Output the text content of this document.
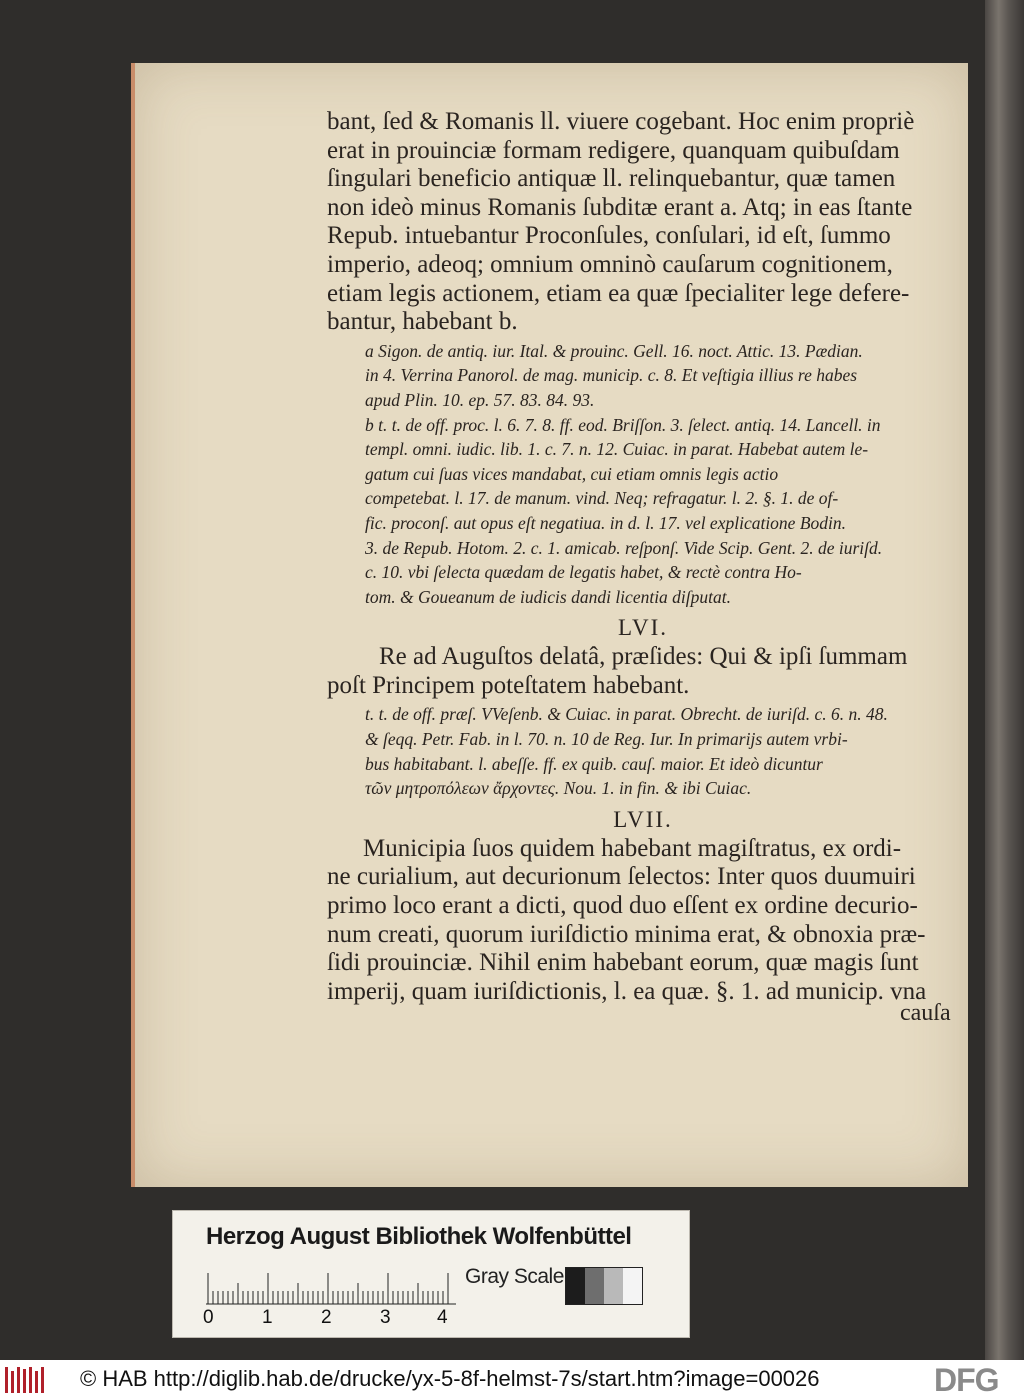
bant, ſed & Romanis ll. viuere cogebant. Hoc enim propriè
erat in prouinciæ formam redigere, quanquam quibuſdam
ſingulari beneficio antiquæ ll. relinquebantur, quæ tamen
non ideò minus Romanis ſubditæ erant a. Atq; in eas ſtante
Repub. intuebantur Proconſules, conſulari, id eſt, ſummo
imperio, adeoq; omnium omninò cauſarum cognitionem,
etiam legis actionem, etiam ea quæ ſpecialiter lege defere-
bantur, habebant b.
a Sigon. de antiq. iur. Ital. & prouinc. Gell. 16. noct. Attic. 13. Pædian.
in 4. Verrina Panorol. de mag. municip. c. 8. Et veſtigia illius re habes
apud Plin. 10. ep. 57. 83. 84. 93.
b t. t. de off. proc. l. 6. 7. 8. ff. eod. Briſſon. 3. ſelect. antiq. 14. Lancell. in
templ. omni. iudic. lib. 1. c. 7. n. 12. Cuiac. in parat. Habebat autem le-
gatum cui ſuas vices mandabat, cui etiam omnis legis actio
competebat. l. 17. de manum. vind. Neq; refragatur. l. 2. §. 1. de of-
fic. proconſ. aut opus eſt negatiua. in d. l. 17. vel explicatione Bodin.
3. de Repub. Hotom. 2. c. 1. amicab. reſponſ. Vide Scip. Gent. 2. de iuriſd.
c. 10. vbi ſelecta quædam de legatis habet, & rectè contra Ho-
tom. & Goueanum de iudicis dandi licentia diſputat.
LVI.
Re ad Auguſtos delatâ, præſides: Qui & ipſi ſummam
poſt Principem poteſtatem habebant.
t. t. de off. præſ. VVeſenb. & Cuiac. in parat. Obrecht. de iuriſd. c. 6. n. 48.
& ſeqq. Petr. Fab. in l. 70. n. 10 de Reg. Iur. In primarijs autem vrbi-
bus habitabant. l. abeſſe. ff. ex quib. cauſ. maior. Et ideò dicuntur
τῶν μητροπόλεων ἄρχοντες. Nou. 1. in fin. & ibi Cuiac.
LVII.
Municipia ſuos quidem habebant magiſtratus, ex ordi-
ne curialium, aut decurionum ſelectos: Inter quos duumuiri
primo loco erant a dicti, quod duo eſſent ex ordine decurio-
num creati, quorum iuriſdictio minima erat, & obnoxia præ-
ſidi prouinciæ. Nihil enim habebant eorum, quæ magis ſunt
imperij, quam iuriſdictionis, l. ea quæ. §. 1. ad municip. vna
cauſa
Herzog August Bibliothek Wolfenbüttel
0	1	2	3 4
Gray Scale
© HAB http://diglib.hab.de/drucke/yx-5-8f-helmst-7s/start.htm?image=00026	DFG
